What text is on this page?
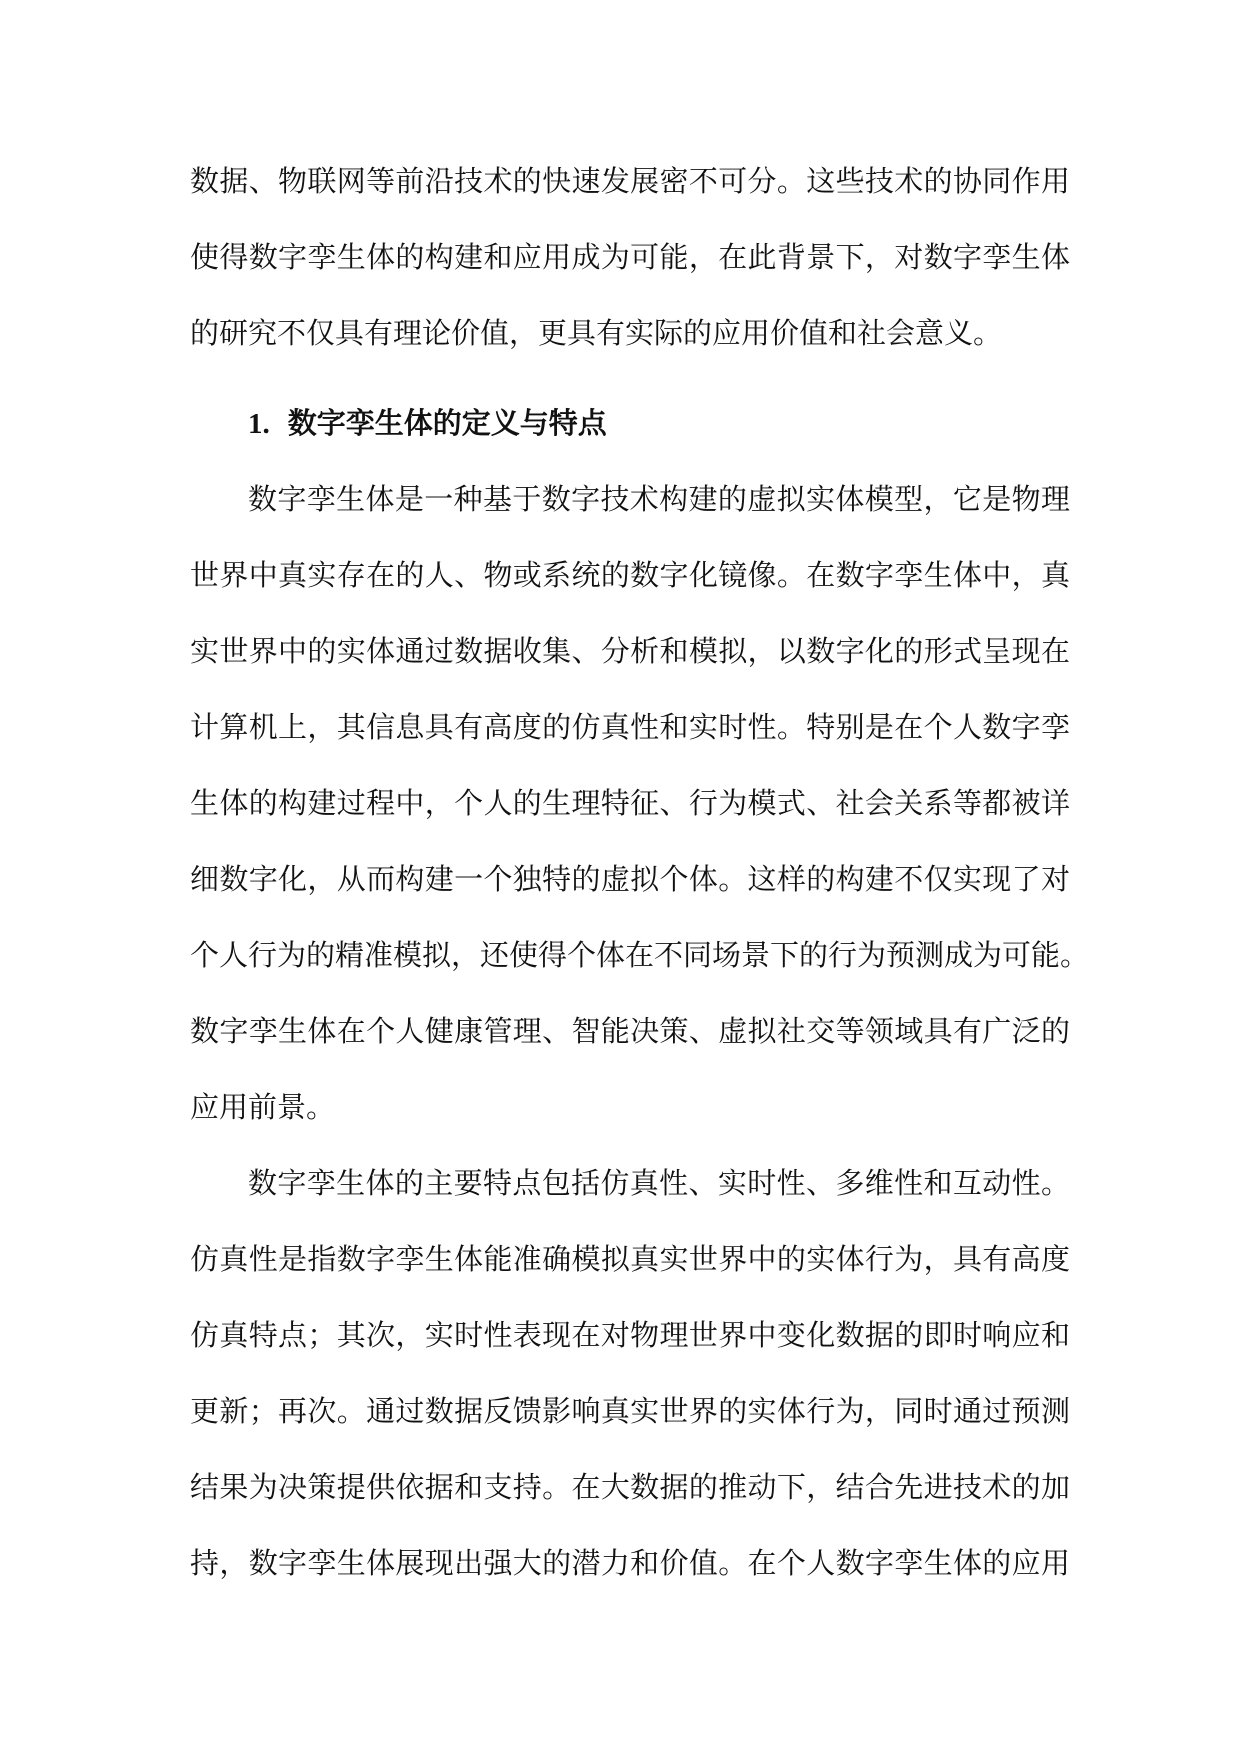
数据、物联网等前沿技术的快速发展密不可分。这些技术的协同作用
使得数字孪生体的构建和应用成为可能，在此背景下，对数字孪生体
的研究不仅具有理论价值，更具有实际的应用价值和社会意义。
1. 数字孪生体的定义与特点
数字孪生体是一种基于数字技术构建的虚拟实体模型，它是物理
世界中真实存在的人、物或系统的数字化镜像。在数字孪生体中，真
实世界中的实体通过数据收集、分析和模拟，以数字化的形式呈现在
计算机上，其信息具有高度的仿真性和实时性。特别是在个人数字孪
生体的构建过程中，个人的生理特征、行为模式、社会关系等都被详
细数字化，从而构建一个独特的虚拟个体。这样的构建不仅实现了对
个人行为的精准模拟，还使得个体在不同场景下的行为预测成为可能。
数字孪生体在个人健康管理、智能决策、虚拟社交等领域具有广泛的
应用前景。
数字孪生体的主要特点包括仿真性、实时性、多维性和互动性。
仿真性是指数字孪生体能准确模拟真实世界中的实体行为，具有高度
仿真特点；其次，实时性表现在对物理世界中变化数据的即时响应和
更新；再次。通过数据反馈影响真实世界的实体行为，同时通过预测
结果为决策提供依据和支持。在大数据的推动下，结合先进技术的加
持，数字孪生体展现出强大的潜力和价值。在个人数字孪生体的应用
